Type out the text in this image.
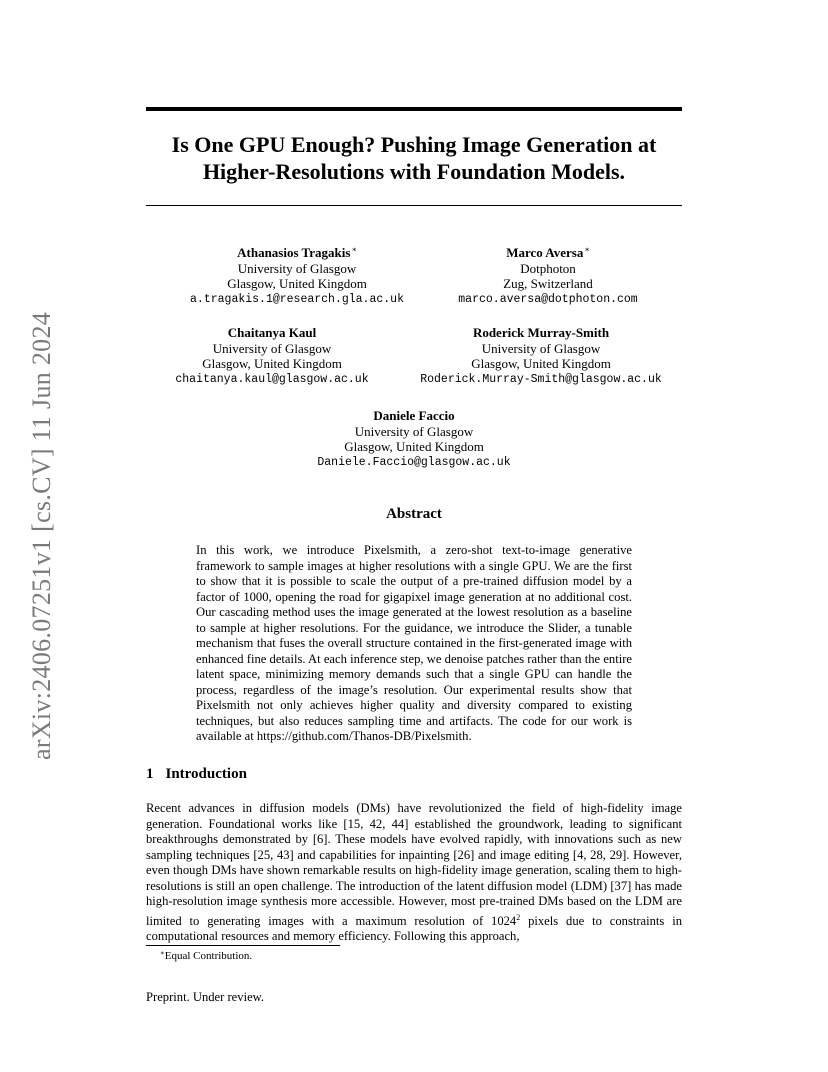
arXiv:2406.07251v1 [cs.CV] 11 Jun 2024
Is One GPU Enough? Pushing Image Generation at
Higher-Resolutions with Foundation Models.
Athanasios Tragakis∗
University of Glasgow
Glasgow, United Kingdom
a.tragakis.1@research.gla.ac.uk
Marco Aversa∗
Dotphoton
Zug, Switzerland
marco.aversa@dotphoton.com
Chaitanya Kaul
University of Glasgow
Glasgow, United Kingdom
chaitanya.kaul@glasgow.ac.uk
Roderick Murray-Smith
University of Glasgow
Glasgow, United Kingdom
Roderick.Murray-Smith@glasgow.ac.uk
Daniele Faccio
University of Glasgow
Glasgow, United Kingdom
Daniele.Faccio@glasgow.ac.uk
Abstract
In this work, we introduce Pixelsmith, a zero-shot text-to-image generative framework to sample images at higher resolutions with a single GPU. We are the first to show that it is possible to scale the output of a pre-trained diffusion model by a factor of 1000, opening the road for gigapixel image generation at no additional cost. Our cascading method uses the image generated at the lowest resolution as a baseline to sample at higher resolutions. For the guidance, we introduce the Slider, a tunable mechanism that fuses the overall structure contained in the first-generated image with enhanced fine details. At each inference step, we denoise patches rather than the entire latent space, minimizing memory demands such that a single GPU can handle the process, regardless of the image’s resolution. Our experimental results show that Pixelsmith not only achieves higher quality and diversity compared to existing techniques, but also reduces sampling time and artifacts. The code for our work is available at https://github.com/Thanos-DB/Pixelsmith.
1 Introduction
Recent advances in diffusion models (DMs) have revolutionized the field of high-fidelity image generation. Foundational works like [15, 42, 44] established the groundwork, leading to significant breakthroughs demonstrated by [6]. These models have evolved rapidly, with innovations such as new sampling techniques [25, 43] and capabilities for inpainting [26] and image editing [4, 28, 29]. However, even though DMs have shown remarkable results on high-fidelity image generation, scaling them to high-resolutions is still an open challenge. The introduction of the latent diffusion model (LDM) [37] has made high-resolution image synthesis more accessible. However, most pre-trained DMs based on the LDM are limited to generating images with a maximum resolution of 1024$^2$ pixels due to constraints in computational resources and memory efficiency. Following this approach,
∗Equal Contribution.
Preprint. Under review.
